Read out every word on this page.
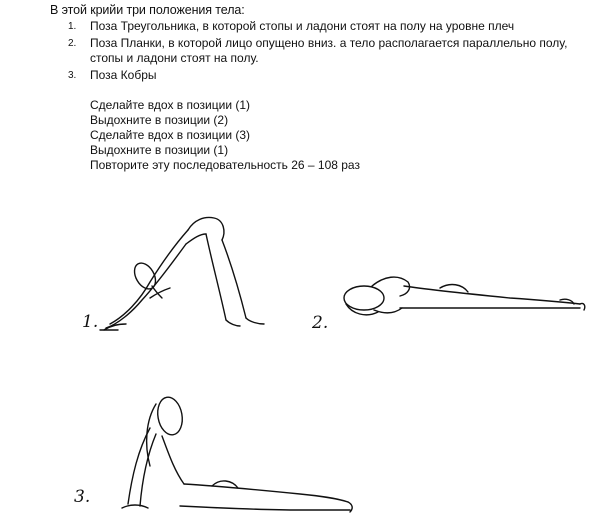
В этой крийи три положения тела:
1. Поза Треугольника, в которой стопы и ладони стоят на полу на уровне плеч
2. Поза Планки, в которой лицо опущено вниз. а тело располагается параллельно полу, стопы и ладони стоят на полу.
3. Поза Кобры
Сделайте вдох в позиции (1)
Выдохните в позиции (2)
Сделайте вдох в позиции (3)
Выдохните в позиции (1)
Повторите эту последовательность 26 – 108 раз
1.	2.
3.
